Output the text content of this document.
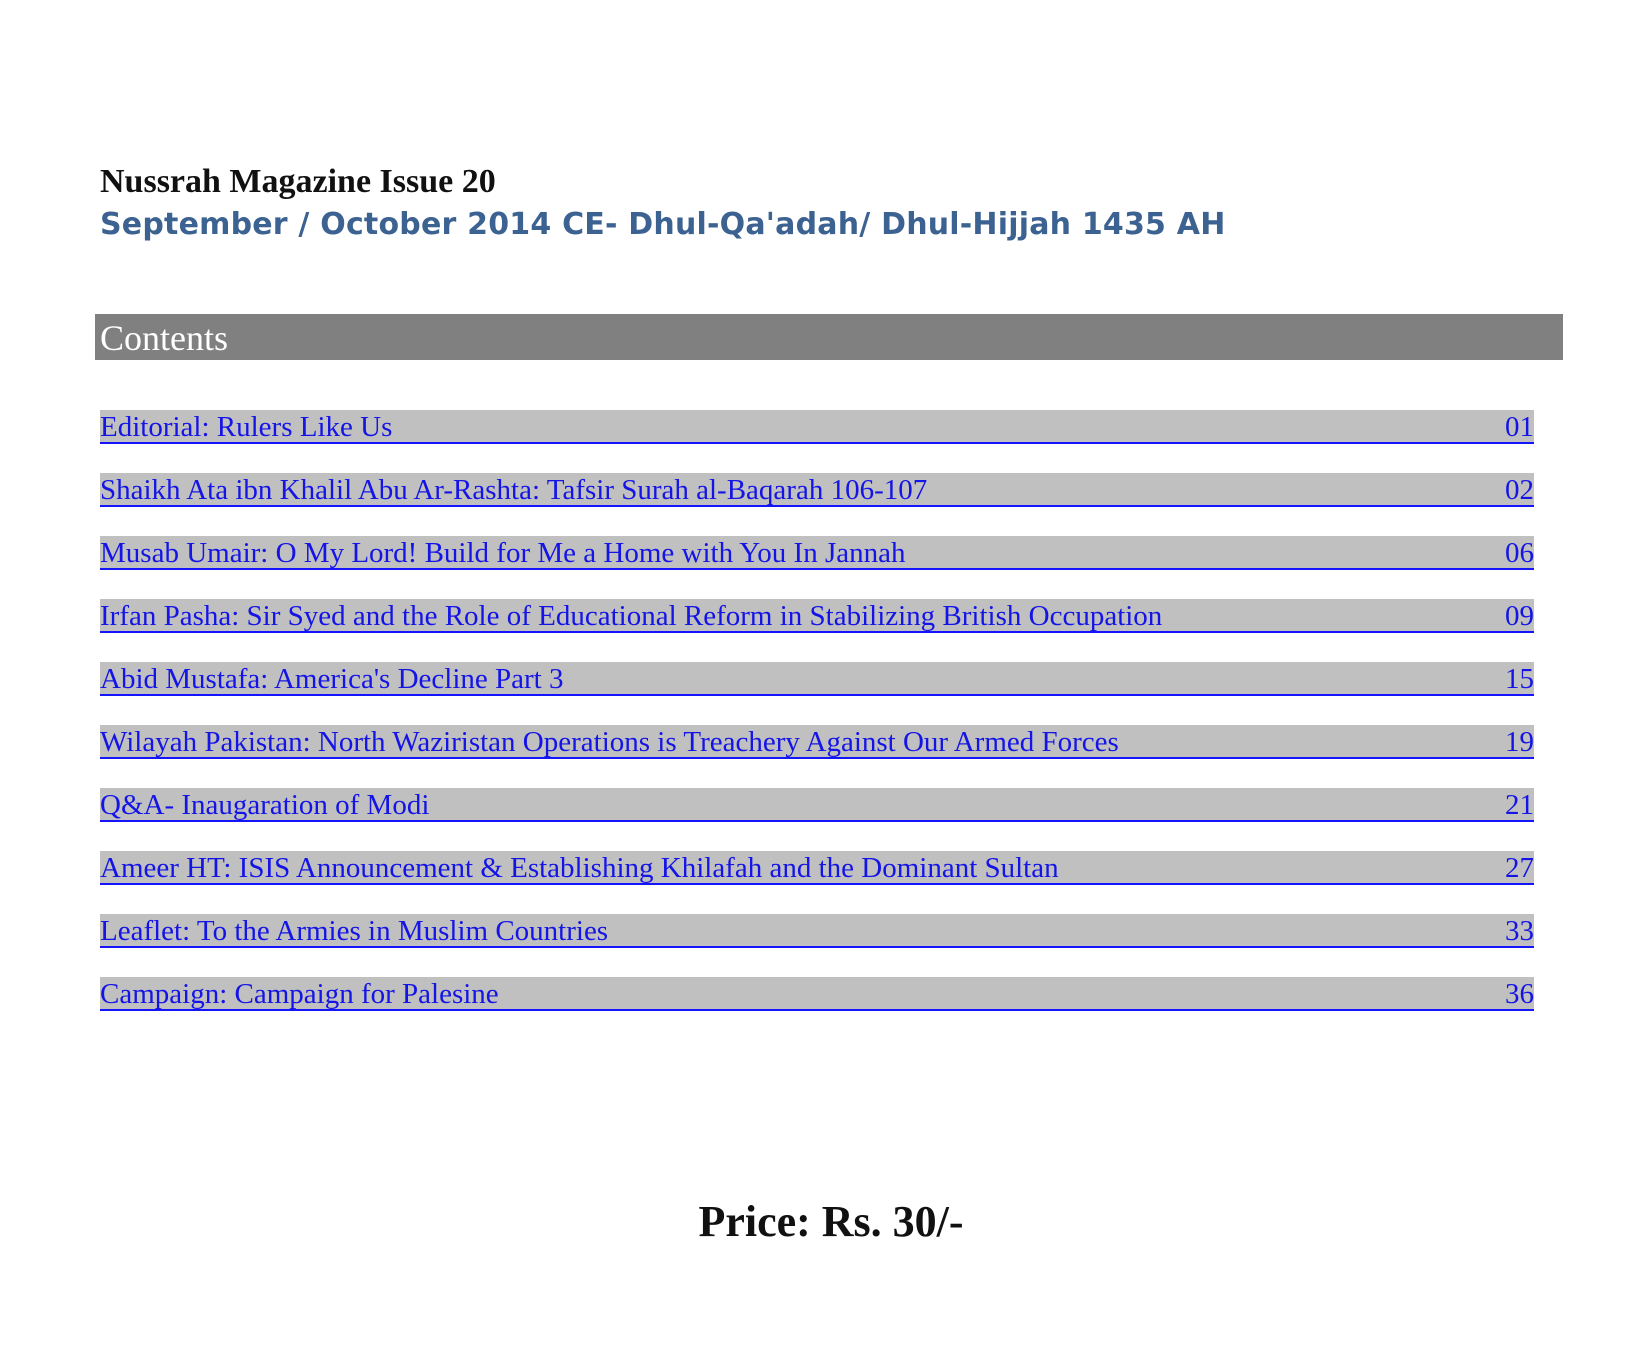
Nussrah Magazine Issue 20
September / October 2014 CE- Dhul-Qa'adah/ Dhul-Hijjah 1435 AH
Contents
Editorial: Rulers Like Us	01
Shaikh Ata ibn Khalil Abu Ar-Rashta: Tafsir Surah al-Baqarah 106-107	02
Musab Umair: O My Lord! Build for Me a Home with You In Jannah	06
Irfan Pasha: Sir Syed and the Role of Educational Reform in Stabilizing British Occupation	09
Abid Mustafa: America's Decline Part 3	15
Wilayah Pakistan: North Waziristan Operations is Treachery Against Our Armed Forces	19
Q&A- Inaugaration of Modi	21
Ameer HT: ISIS Announcement & Establishing Khilafah and the Dominant Sultan	27
Leaflet: To the Armies in Muslim Countries	33
Campaign: Campaign for Palesine	36
Price: Rs. 30/-
